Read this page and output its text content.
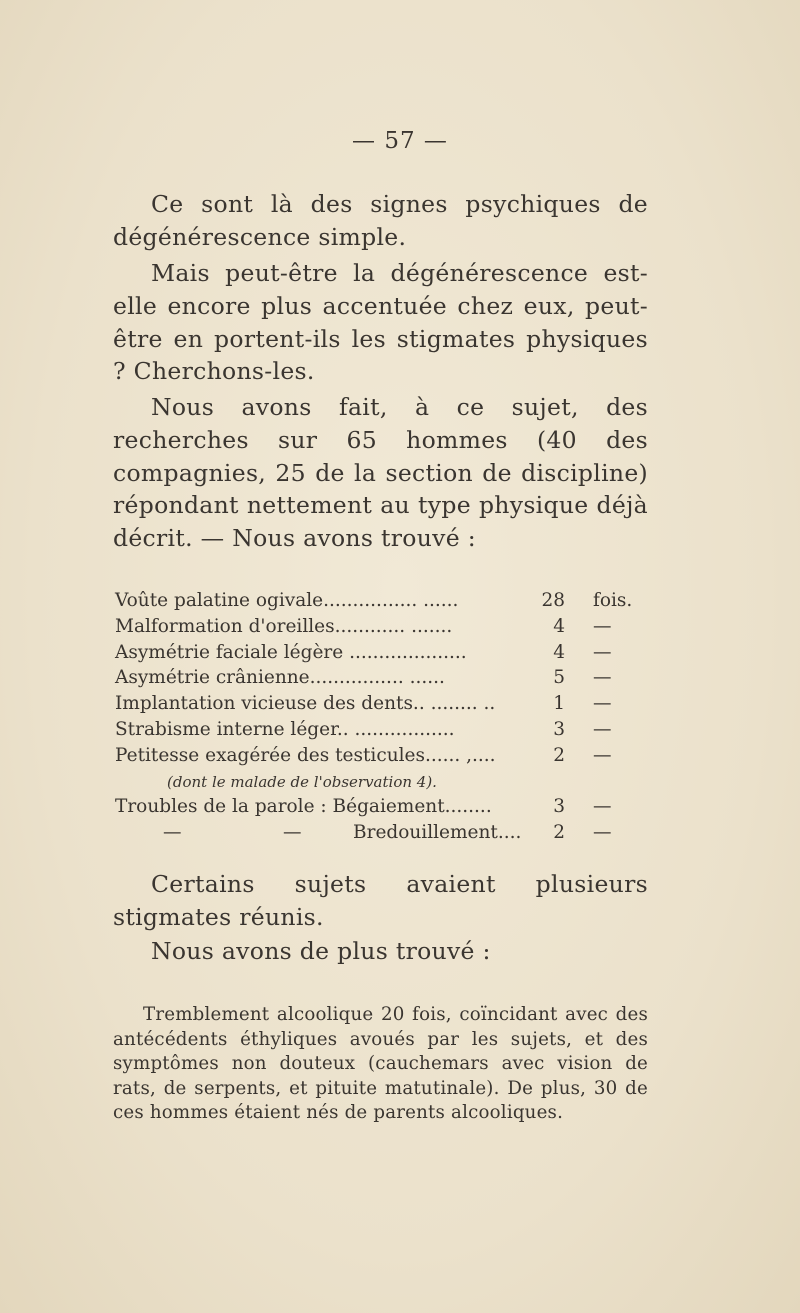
— 57 —

Ce sont là des signes psychiques de dégénérescence simple.

Mais peut-être la dégénérescence est-elle encore plus accentuée chez eux, peut-être en portent-ils les stigmates physiques ? Cherchons-les.

Nous avons fait, à ce sujet, des recherches sur 65 hommes (40 des compagnies, 25 de la section de discipline) répondant nettement au type physique déjà décrit. — Nous avons trouvé :

Voûte palatine ogivale................ ......	28 fois.
Malformation d'oreilles............ .......	4 —
Asymétrie faciale légère ....................	4 —
Asymétrie crânienne................ ......	5 —
Implantation vicieuse des dents.. ........ ..	1 —
Strabisme interne léger.. .................	3 —
Petitesse exagérée des testicules...... ,....	2 —
(dont le malade de l'observation 4).
Troubles de la parole : Bégaiement........	3 —
—	—	Bredouillement....	2 —

Certains sujets avaient plusieurs stigmates réunis.

Nous avons de plus trouvé :

Tremblement alcoolique 20 fois, coïncidant avec des antécédents éthyliques avoués par les sujets, et des symptômes non douteux (cauchemars avec vision de rats, de serpents, et pituite matutinale). De plus, 30 de ces hommes étaient nés de parents alcooliques.
